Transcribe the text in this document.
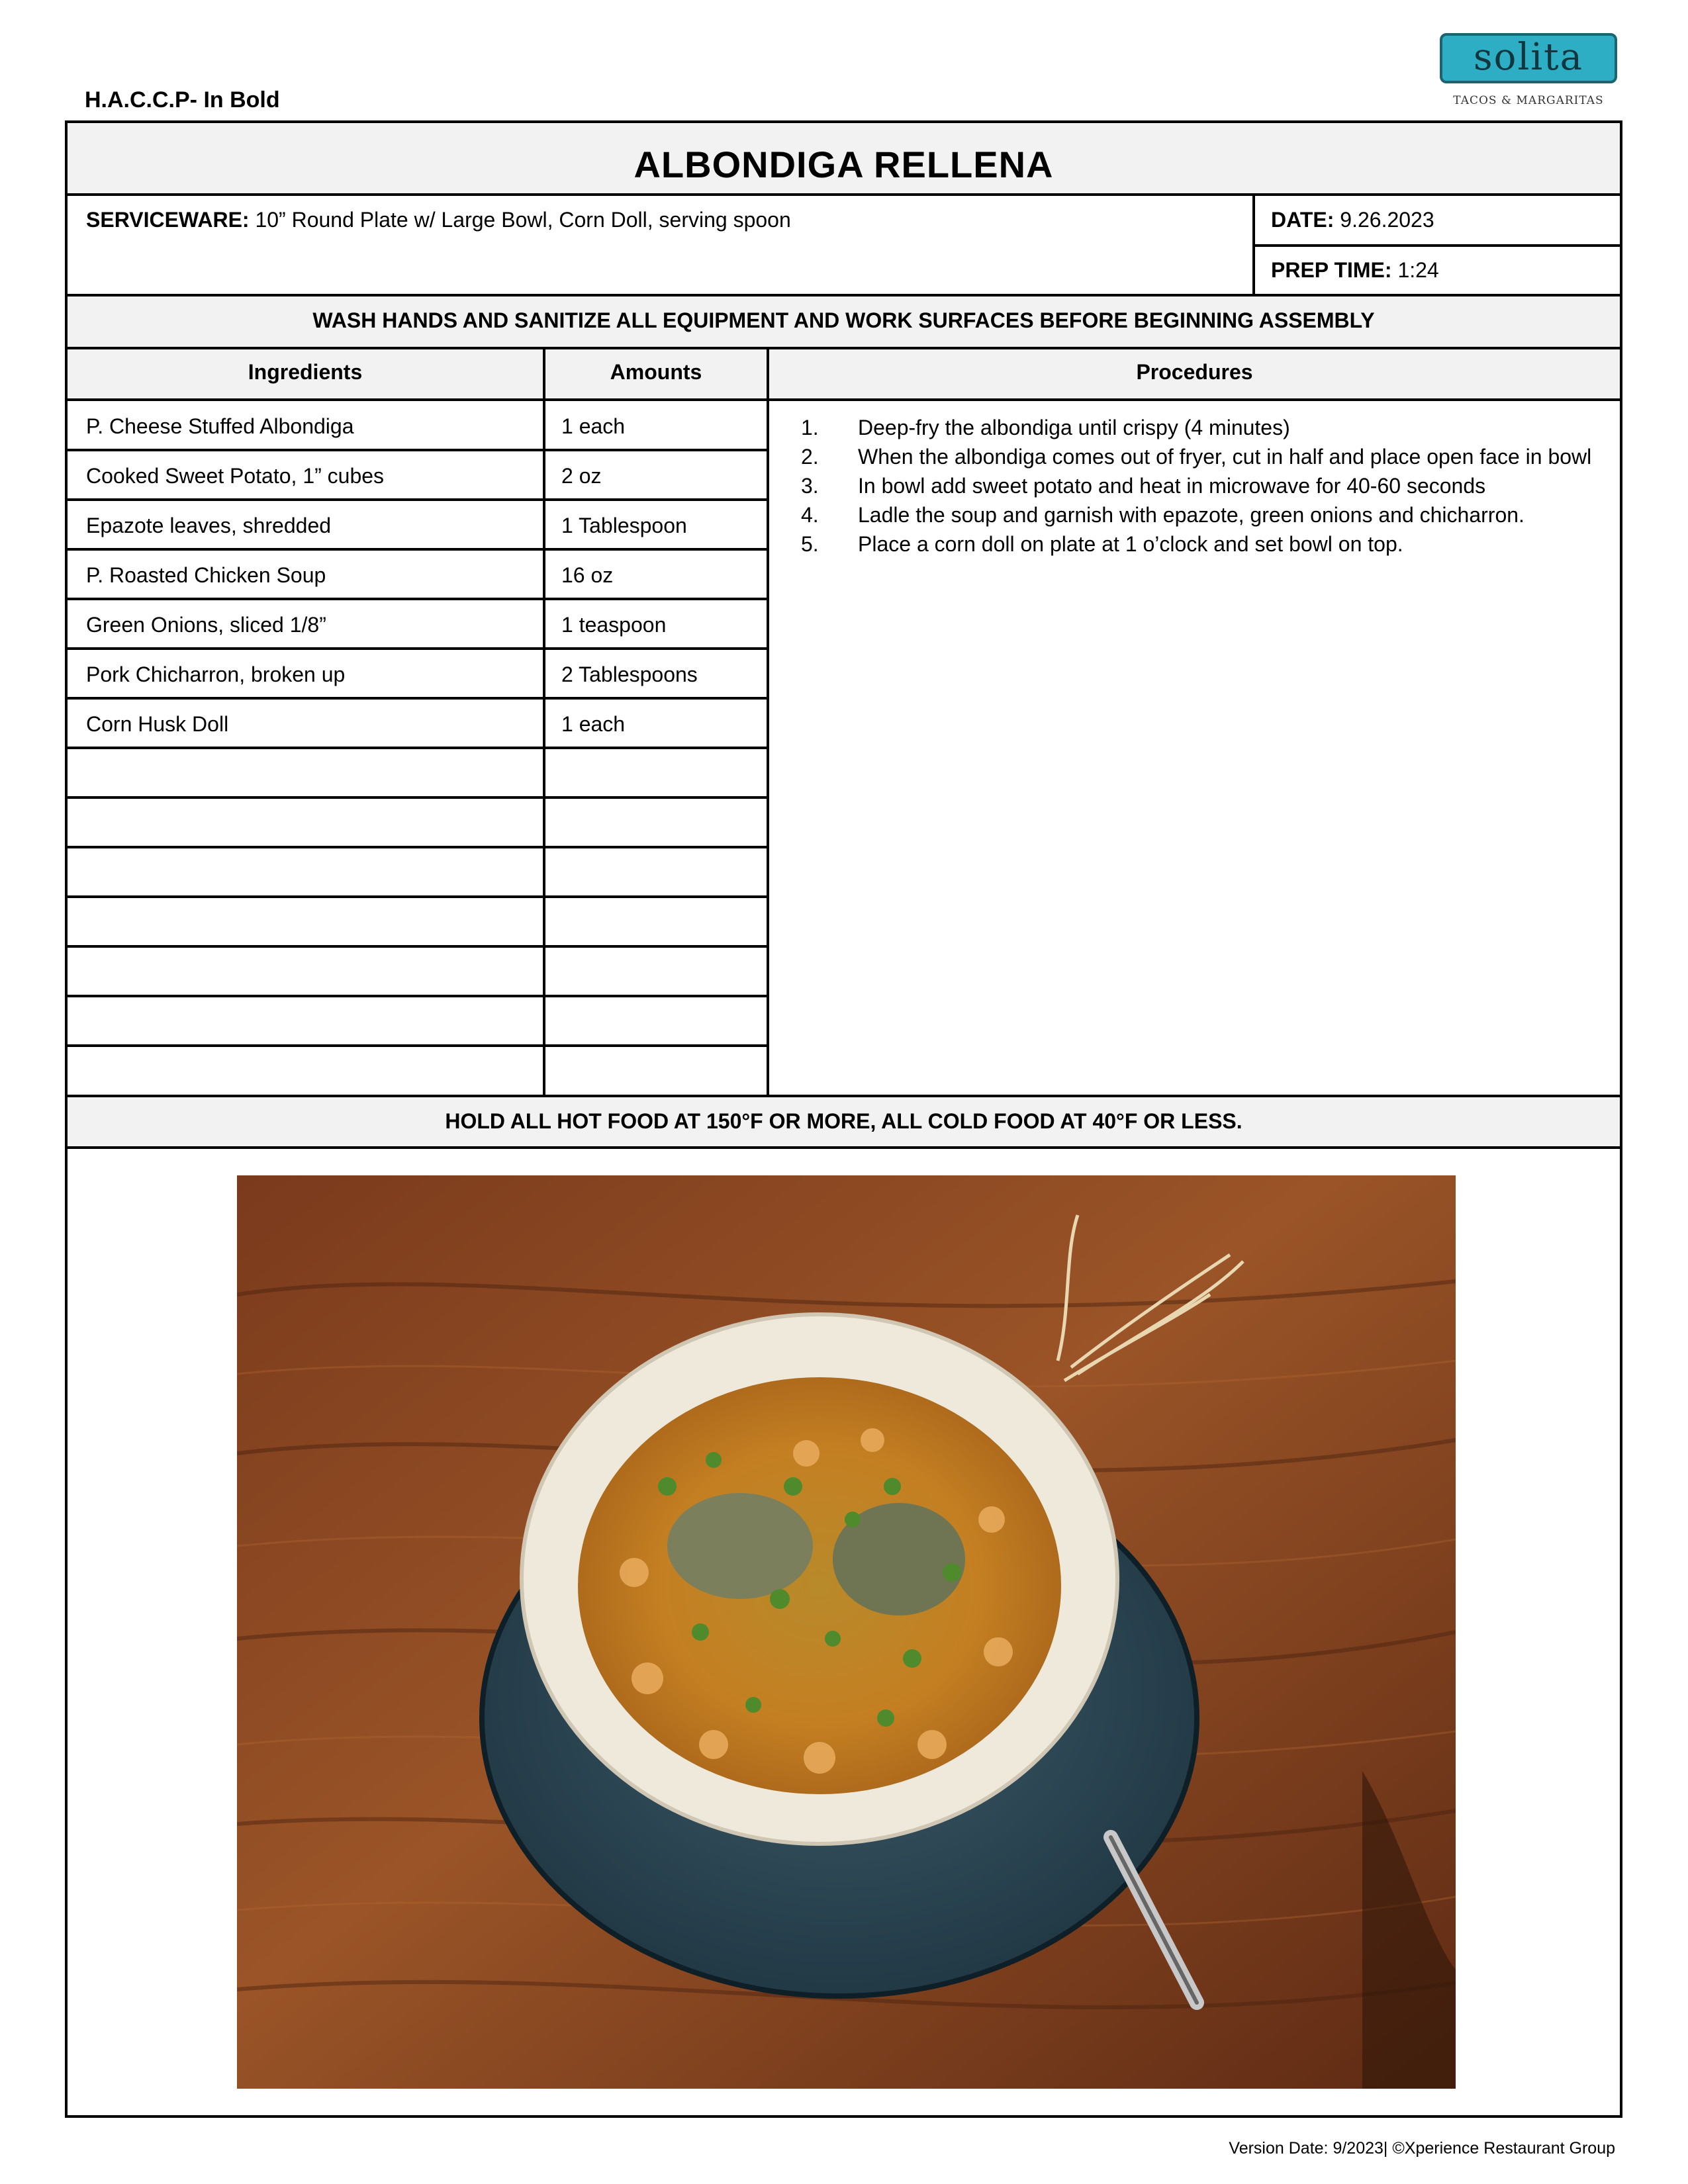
H.A.C.C.P- In Bold
solita
TACOS & MARGARITAS
ALBONDIGA RELLENA
SERVICEWARE: 10” Round Plate w/ Large Bowl, Corn Doll, serving spoon	DATE: 9.26.2023
PREP TIME: 1:24
WASH HANDS AND SANITIZE ALL EQUIPMENT AND WORK SURFACES BEFORE BEGINNING ASSEMBLY
Ingredients	Amounts	Procedures
P. Cheese Stuffed Albondiga	1 each
Cooked Sweet Potato, 1” cubes	2 oz
Epazote leaves, shredded	1 Tablespoon
P. Roasted Chicken Soup	16 oz
Green Onions, sliced 1/8”	1 teaspoon
Pork Chicharron, broken up	2 Tablespoons
Corn Husk Doll	1 each
1. Deep-fry the albondiga until crispy (4 minutes)
2. When the albondiga comes out of fryer, cut in half and place open face in bowl
3. In bowl add sweet potato and heat in microwave for 40-60 seconds
4. Ladle the soup and garnish with epazote, green onions and chicharron.
5. Place a corn doll on plate at 1 o’clock and set bowl on top.
HOLD ALL HOT FOOD AT 150°F OR MORE, ALL COLD FOOD AT 40°F OR LESS.
Version Date: 9/2023| ©Xperience Restaurant Group
